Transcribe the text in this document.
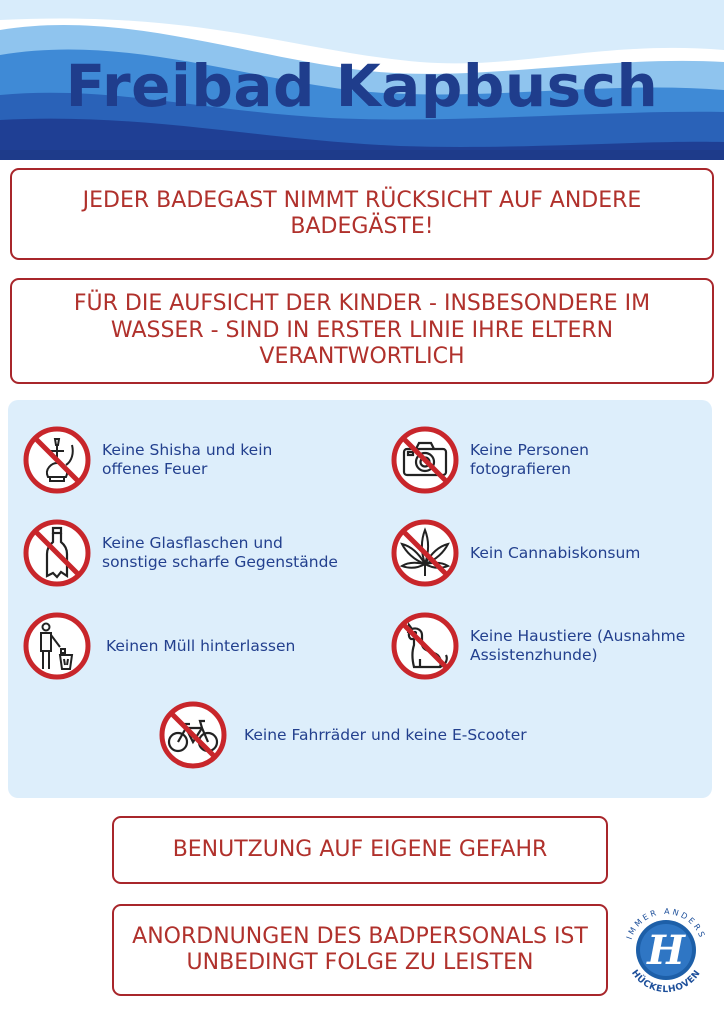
Freibad Kapbusch
JEDER BADEGAST NIMMT RÜCKSICHT AUF ANDERE BADEGÄSTE!
FÜR DIE AUFSICHT DER KINDER - INSBESONDERE IM WASSER - SIND IN ERSTER LINIE IHRE ELTERN VERANTWORTLICH
Keine Shisha und kein offenes Feuer
Keine Personen fotografieren
Keine Glasflaschen und sonstige scharfe Gegenstände
Kein Cannabiskonsum
Keinen Müll hinterlassen
Keine Haustiere (Ausnahme Assistenzhunde)
Keine Fahrräder und keine E-Scooter
BENUTZUNG AUF EIGENE GEFAHR
ANORDNUNGEN DES BADPERSONALS IST UNBEDINGT FOLGE ZU LEISTEN
IMMER ANDERS
HÜCKELHOVEN
H
